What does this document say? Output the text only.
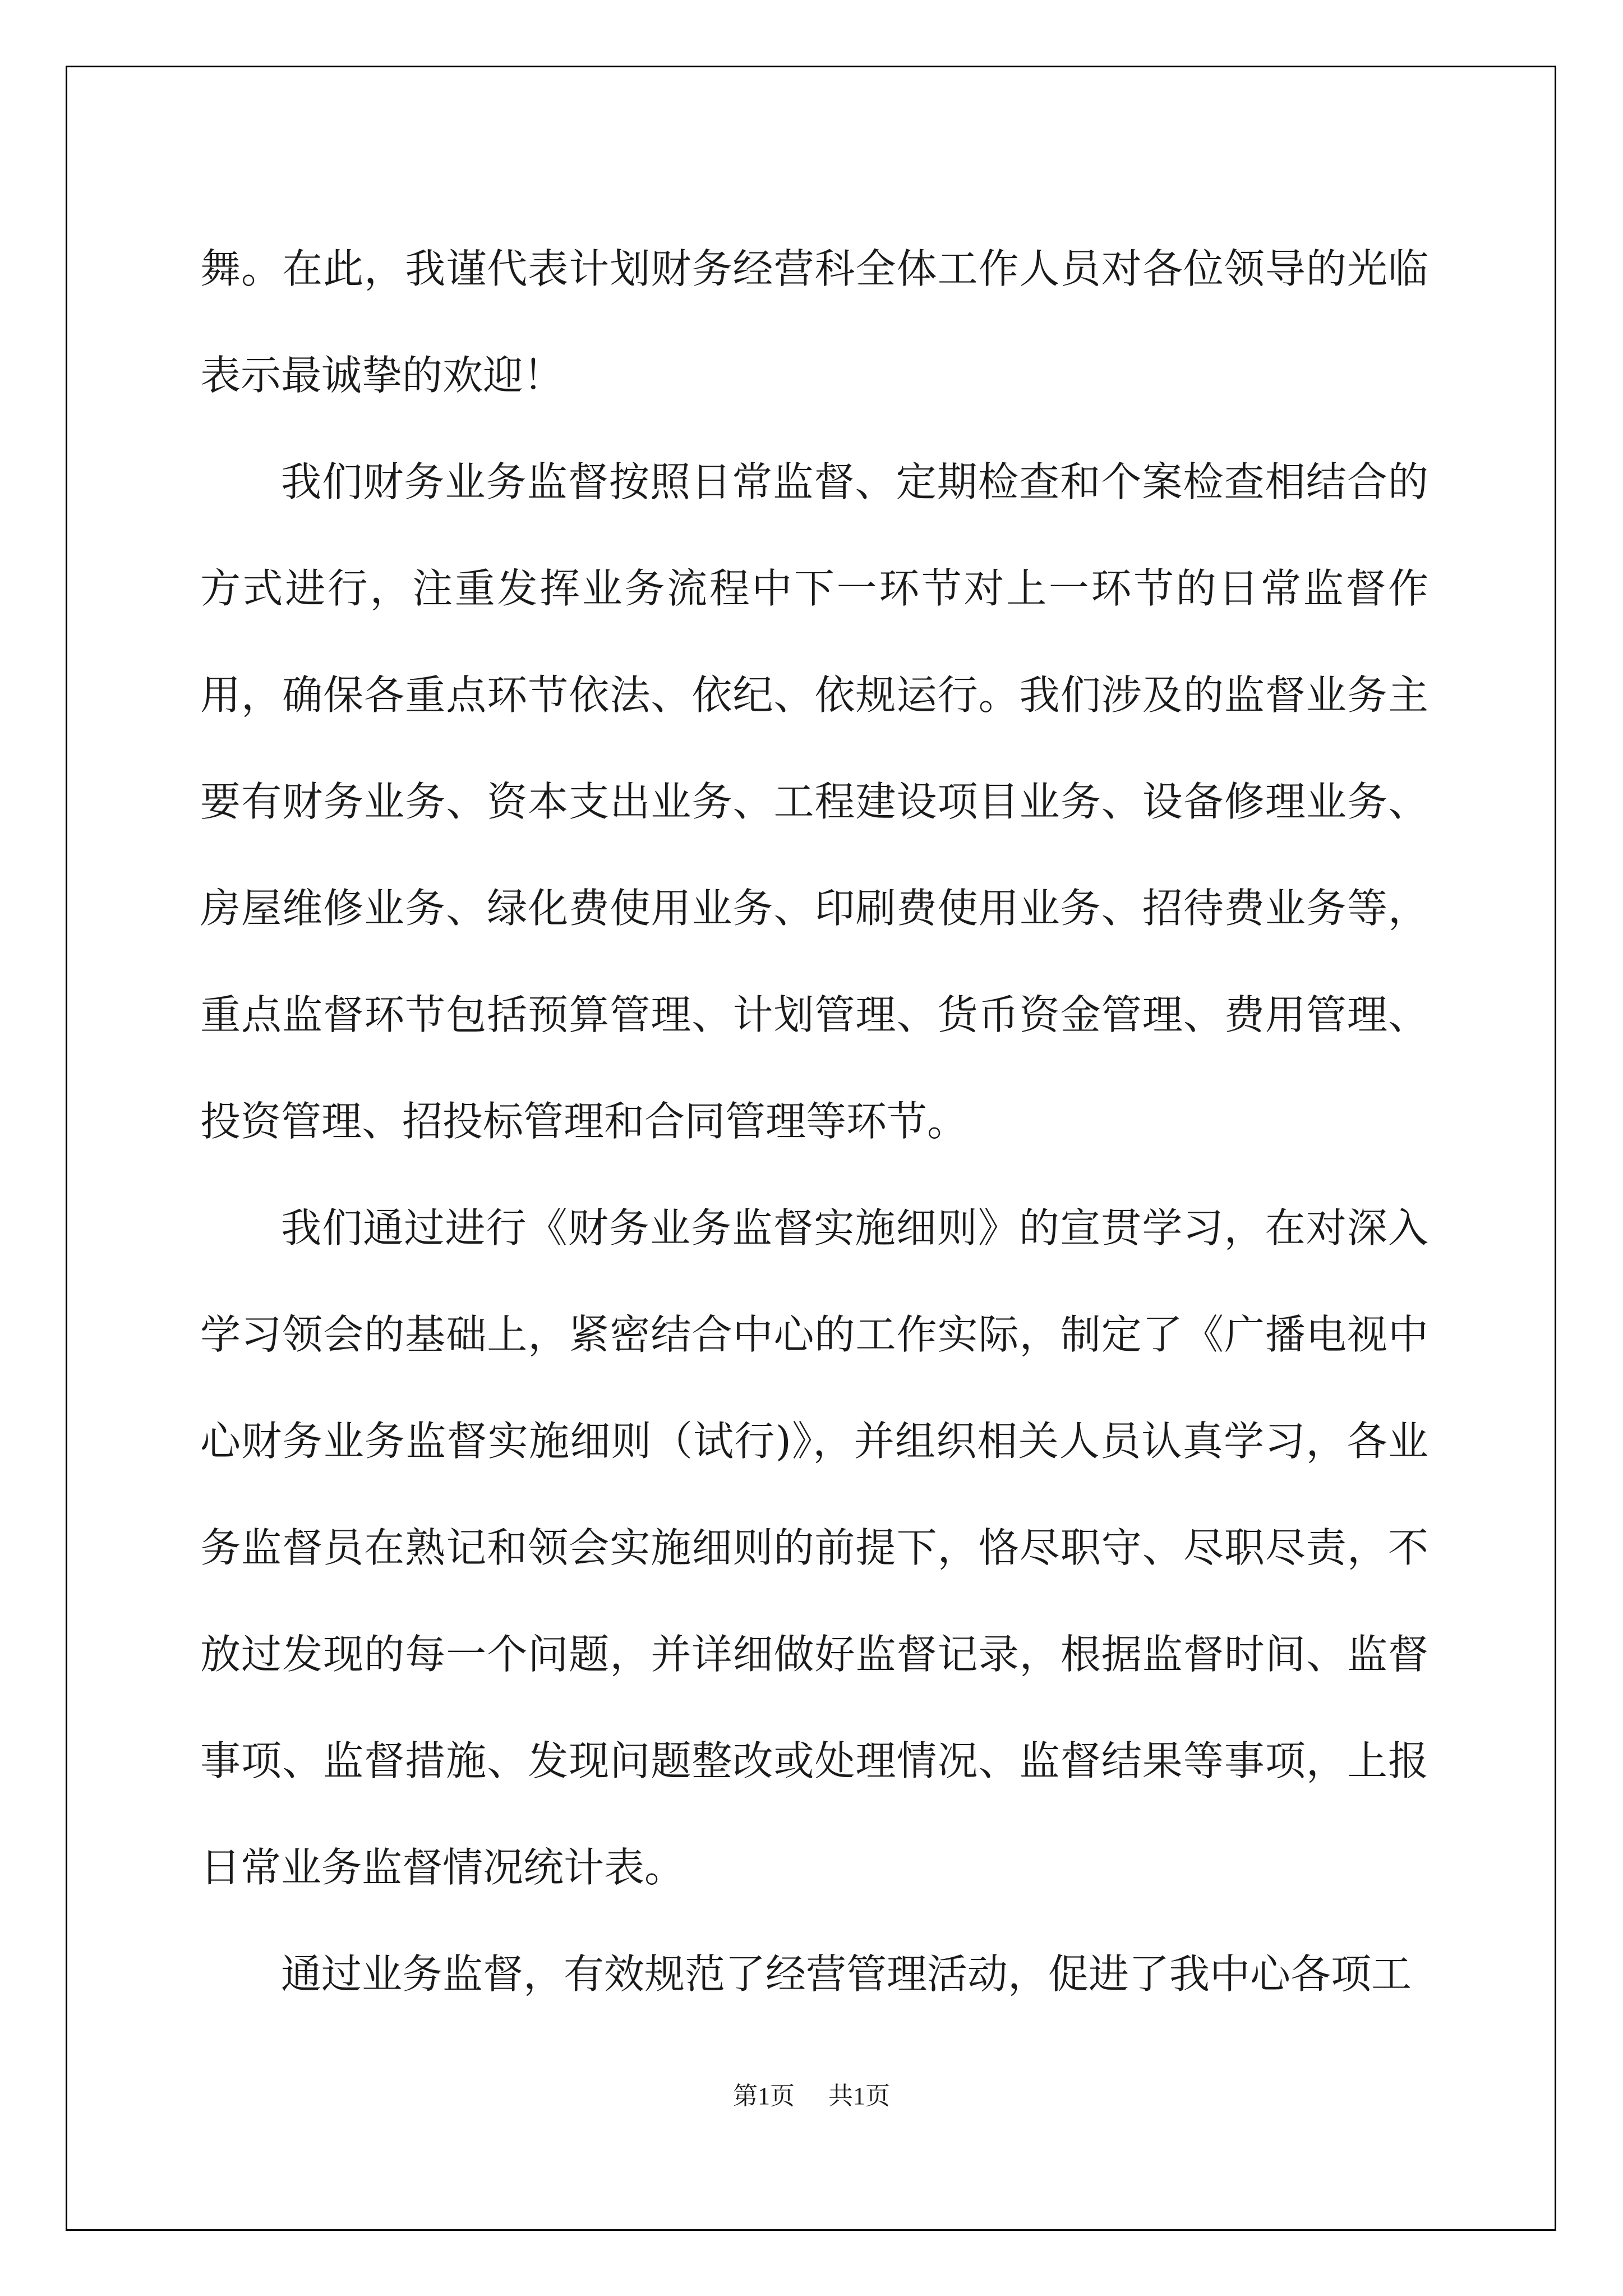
舞。在此，我谨代表计划财务经营科全体工作人员对各位领导的光临表示最诚挚的欢迎！

我们财务业务监督按照日常监督、定期检查和个案检查相结合的方式进行，注重发挥业务流程中下一环节对上一环节的日常监督作用，确保各重点环节依法、依纪、依规运行。我们涉及的监督业务主要有财务业务、资本支出业务、工程建设项目业务、设备修理业务、房屋维修业务、绿化费使用业务、印刷费使用业务、招待费业务等，重点监督环节包括预算管理、计划管理、货币资金管理、费用管理、投资管理、招投标管理和合同管理等环节。

我们通过进行《财务业务监督实施细则》的宣贯学习，在对深入学习领会的基础上，紧密结合中心的工作实际，制定了《广播电视中心财务业务监督实施细则（试行)》，并组织相关人员认真学习，各业务监督员在熟记和领会实施细则的前提下，恪尽职守、尽职尽责，不放过发现的每一个问题，并详细做好监督记录，根据监督时间、监督事项、监督措施、发现问题整改或处理情况、监督结果等事项，上报日常业务监督情况统计表。

通过业务监督，有效规范了经营管理活动，促进了我中心各项工

第1页 共1页
